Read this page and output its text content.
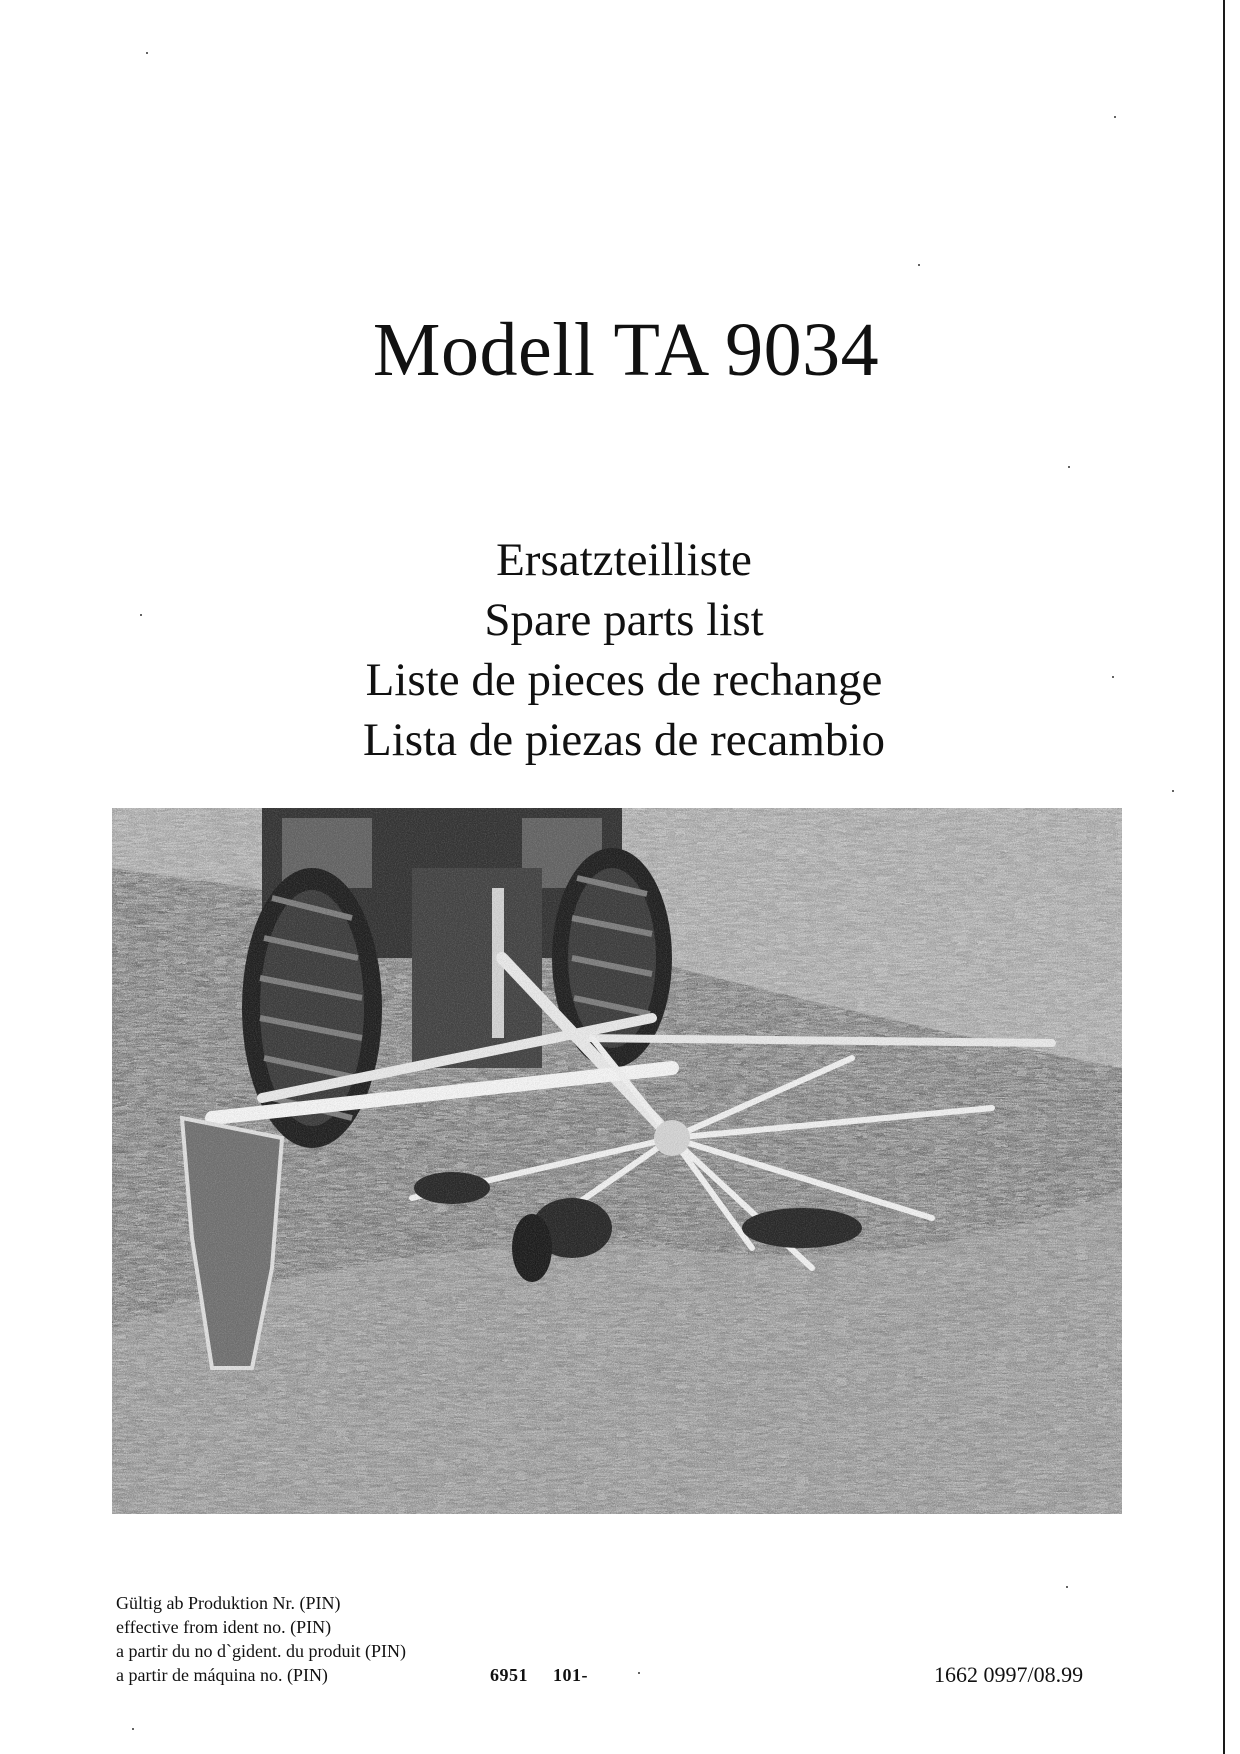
Modell TA 9034
Ersatzteilliste
Spare parts list
Liste de pieces de rechange
Lista de piezas de recambio
Gültig ab Produktion Nr. (PIN)
effective from ident no. (PIN)
a partir du no d`gident. du produit (PIN)
a partir de máquina no. (PIN)	6951     101-	1662 0997/08.99
